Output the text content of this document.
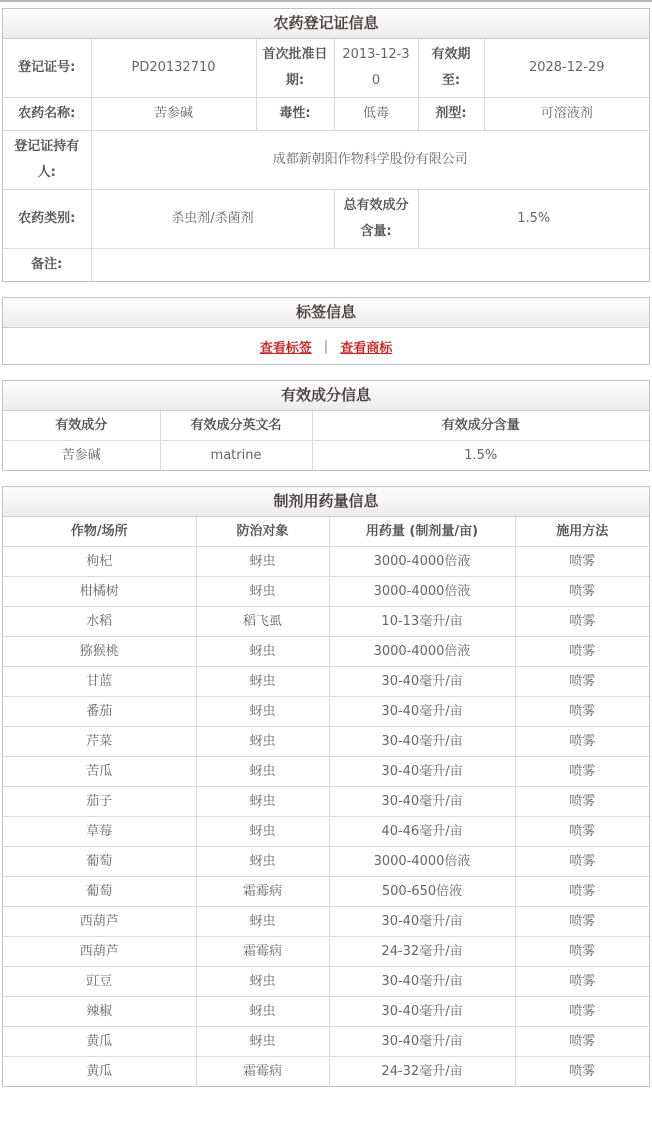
农药登记证信息
登记证号:	PD20132710	首次批准日期:	2013-12-30	有效期至:	2028-12-29
农药名称:	苦参碱	毒性:	低毒	剂型:	可溶液剂
登记证持有人:	成都新朝阳作物科学股份有限公司				
农药类别:	杀虫剂/杀菌剂		总有效成分含量:	1.5%	
备注:					
标签信息
查看标签 | 查看商标
有效成分信息
有效成分	有效成分英文名	有效成分含量
苦参碱	matrine	1.5%
制剂用药量信息
作物/场所	防治对象	用药量 (制剂量/亩)	施用方法
枸杞	蚜虫	3000-4000倍液	喷雾
柑橘树	蚜虫	3000-4000倍液	喷雾
水稻	稻飞虱	10-13毫升/亩	喷雾
猕猴桃	蚜虫	3000-4000倍液	喷雾
甘蓝	蚜虫	30-40毫升/亩	喷雾
番茄	蚜虫	30-40毫升/亩	喷雾
芹菜	蚜虫	30-40毫升/亩	喷雾
苦瓜	蚜虫	30-40毫升/亩	喷雾
茄子	蚜虫	30-40毫升/亩	喷雾
草莓	蚜虫	40-46毫升/亩	喷雾
葡萄	蚜虫	3000-4000倍液	喷雾
葡萄	霜霉病	500-650倍液	喷雾
西葫芦	蚜虫	30-40毫升/亩	喷雾
西葫芦	霜霉病	24-32毫升/亩	喷雾
豇豆	蚜虫	30-40毫升/亩	喷雾
辣椒	蚜虫	30-40毫升/亩	喷雾
黄瓜	蚜虫	30-40毫升/亩	喷雾
黄瓜	霜霉病	24-32毫升/亩	喷雾
